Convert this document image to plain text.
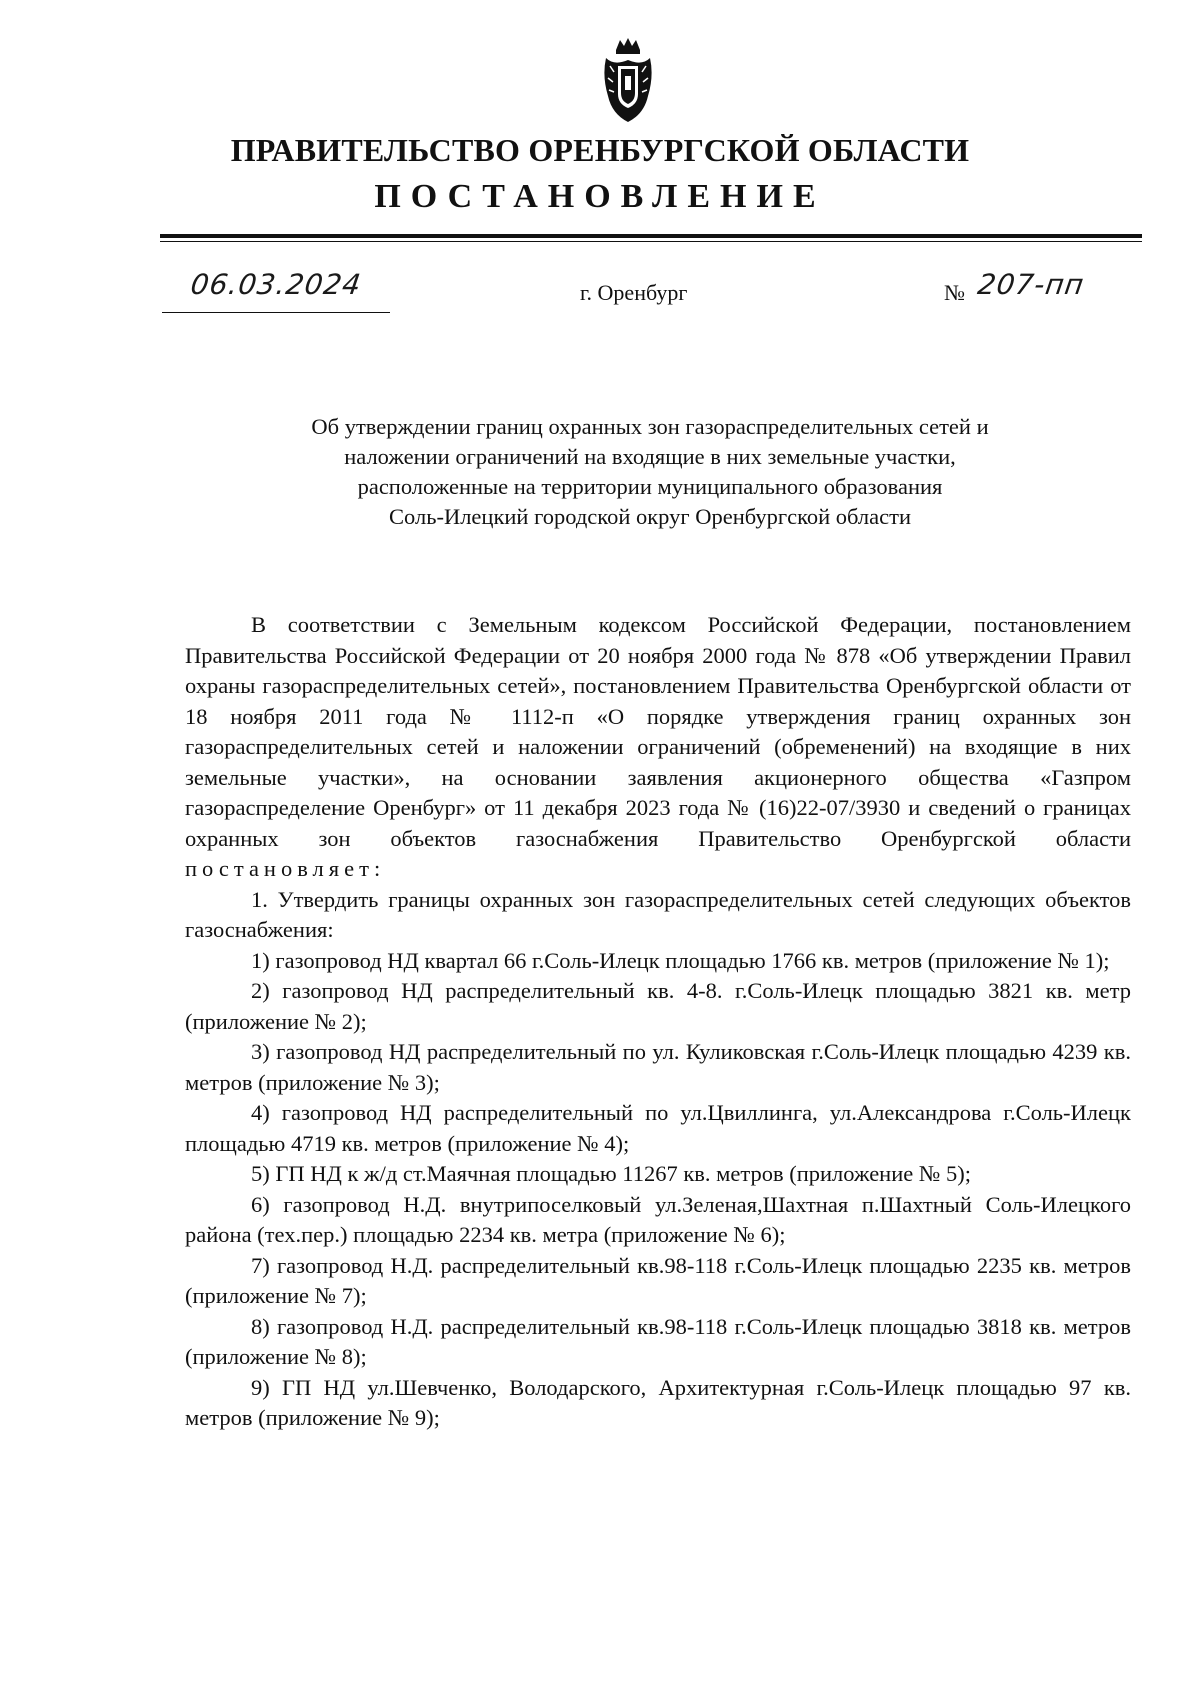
ПРАВИТЕЛЬСТВО ОРЕНБУРГСКОЙ ОБЛАСТИ
ПОСТАНОВЛЕНИЕ
06.03.2024	г. Оренбург	№ 207-пп

Об утверждении границ охранных зон газораспределительных сетей и

наложении ограничений на входящие в них земельные участки,

расположенные на территории муниципального образования

Соль-Илецкий городской округ Оренбургской области

В соответствии с Земельным кодексом Российской Федерации, постановлением Правительства Российской Федерации от 20 ноября 2000 года № 878 «Об утверждении Правил охраны газораспределительных сетей», постановлением Правительства Оренбургской области от 18 ноября 2011 года № 1112-п «О порядке утверждения границ охранных зон газораспределительных сетей и наложении ограничений (обременений) на входящие в них земельные участки», на основании заявления акционерного общества «Газпром газораспределение Оренбург» от 11 декабря 2023 года № (16)22-07/3930 и сведений о границах охранных зон объектов газоснабжения Правительство Оренбургской области постановляет:

1. Утвердить границы охранных зон газораспределительных сетей следующих объектов газоснабжения:

1) газопровод НД квартал 66 г.Соль-Илецк площадью 1766 кв. метров (приложение № 1);

2) газопровод НД распределительный кв. 4-8. г.Соль-Илецк площадью 3821 кв. метр (приложение № 2);

3) газопровод НД распределительный по ул. Куликовская г.Соль-Илецк площадью 4239 кв. метров (приложение № 3);

4) газопровод НД распределительный по ул.Цвиллинга, ул.Александрова г.Соль-Илецк площадью 4719 кв. метров (приложение № 4);

5) ГП НД к ж/д ст.Маячная площадью 11267 кв. метров (приложение № 5);

6) газопровод Н.Д. внутрипоселковый ул.Зеленая,Шахтная п.Шахтный Соль-Илецкого района (тех.пер.) площадью 2234 кв. метра (приложение № 6);

7) газопровод Н.Д. распределительный кв.98-118 г.Соль-Илецк площадью 2235 кв. метров (приложение № 7);

8) газопровод Н.Д. распределительный кв.98-118 г.Соль-Илецк площадью 3818 кв. метров (приложение № 8);

9) ГП НД ул.Шевченко, Володарского, Архитектурная г.Соль-Илецк площадью 97 кв. метров (приложение № 9);
